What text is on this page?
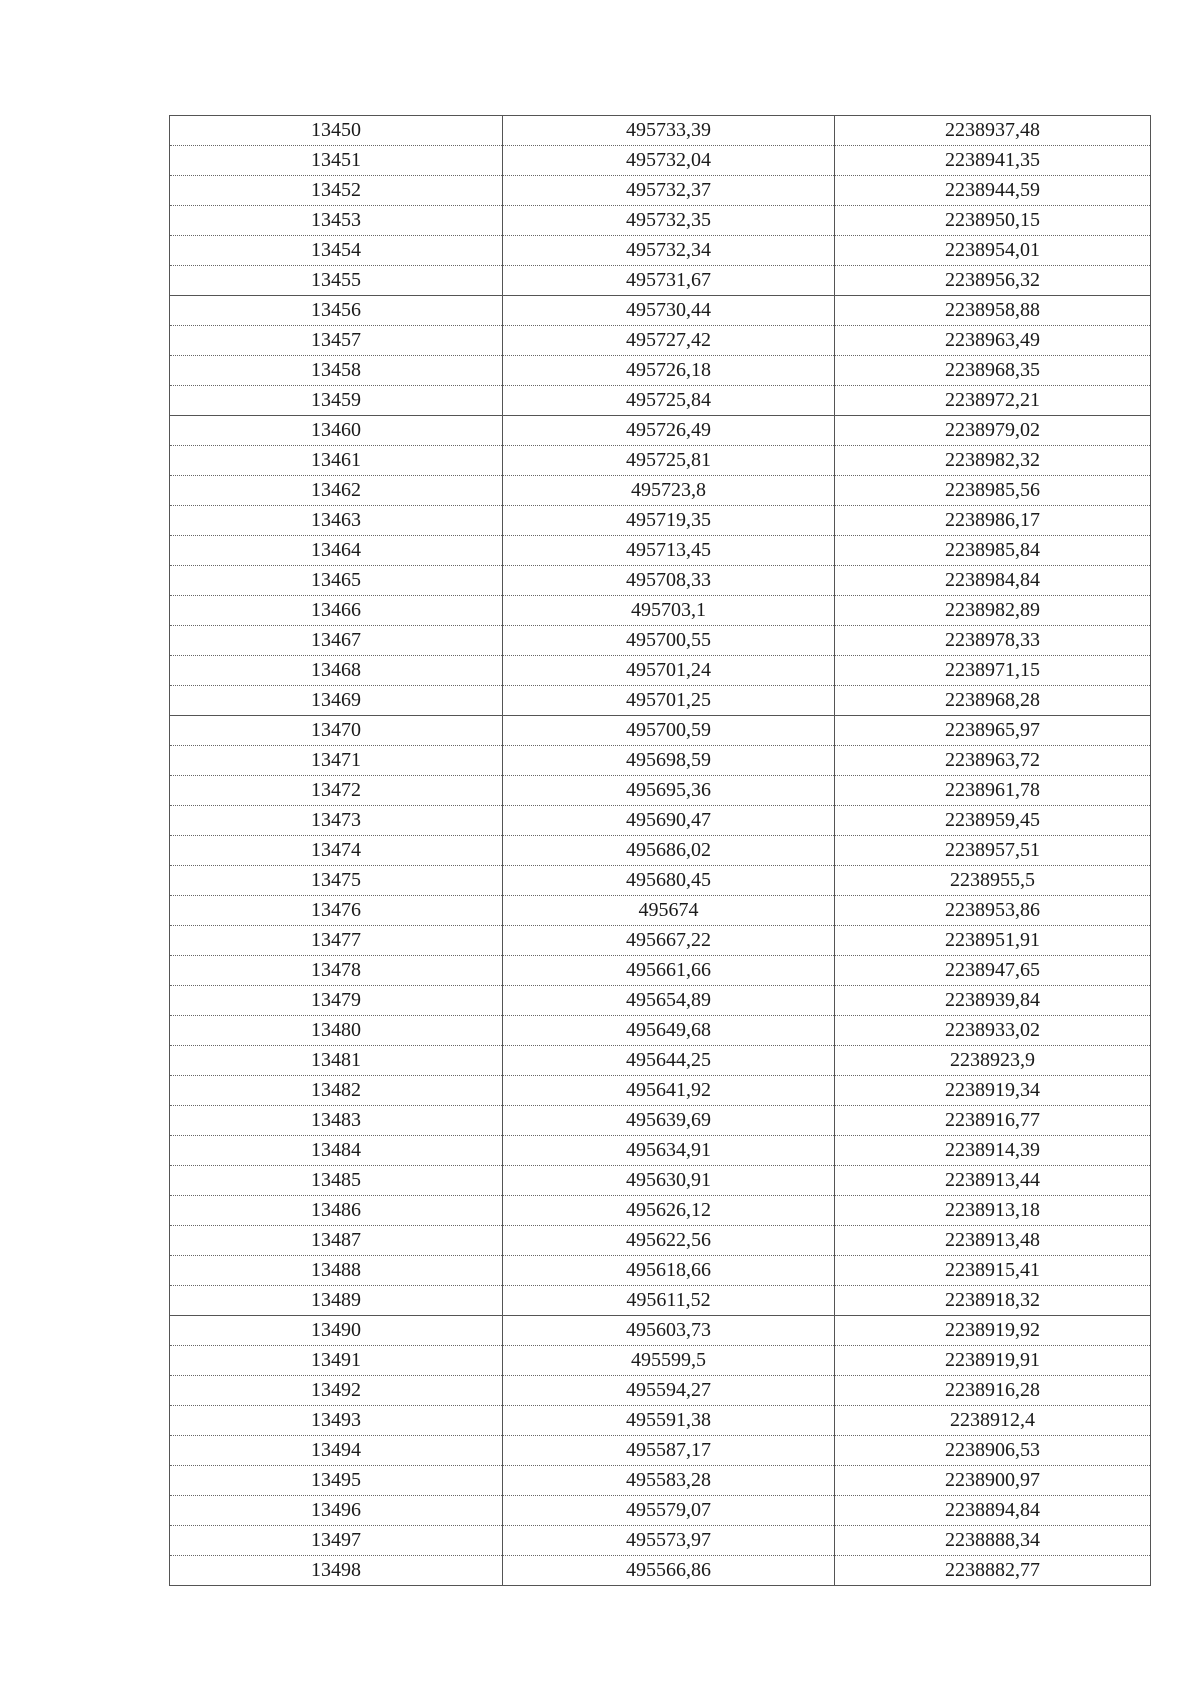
13450	495733,39	2238937,48
13451	495732,04	2238941,35
13452	495732,37	2238944,59
13453	495732,35	2238950,15
13454	495732,34	2238954,01
13455	495731,67	2238956,32
13456	495730,44	2238958,88
13457	495727,42	2238963,49
13458	495726,18	2238968,35
13459	495725,84	2238972,21
13460	495726,49	2238979,02
13461	495725,81	2238982,32
13462	495723,8	2238985,56
13463	495719,35	2238986,17
13464	495713,45	2238985,84
13465	495708,33	2238984,84
13466	495703,1	2238982,89
13467	495700,55	2238978,33
13468	495701,24	2238971,15
13469	495701,25	2238968,28
13470	495700,59	2238965,97
13471	495698,59	2238963,72
13472	495695,36	2238961,78
13473	495690,47	2238959,45
13474	495686,02	2238957,51
13475	495680,45	2238955,5
13476	495674	2238953,86
13477	495667,22	2238951,91
13478	495661,66	2238947,65
13479	495654,89	2238939,84
13480	495649,68	2238933,02
13481	495644,25	2238923,9
13482	495641,92	2238919,34
13483	495639,69	2238916,77
13484	495634,91	2238914,39
13485	495630,91	2238913,44
13486	495626,12	2238913,18
13487	495622,56	2238913,48
13488	495618,66	2238915,41
13489	495611,52	2238918,32
13490	495603,73	2238919,92
13491	495599,5	2238919,91
13492	495594,27	2238916,28
13493	495591,38	2238912,4
13494	495587,17	2238906,53
13495	495583,28	2238900,97
13496	495579,07	2238894,84
13497	495573,97	2238888,34
13498	495566,86	2238882,77
